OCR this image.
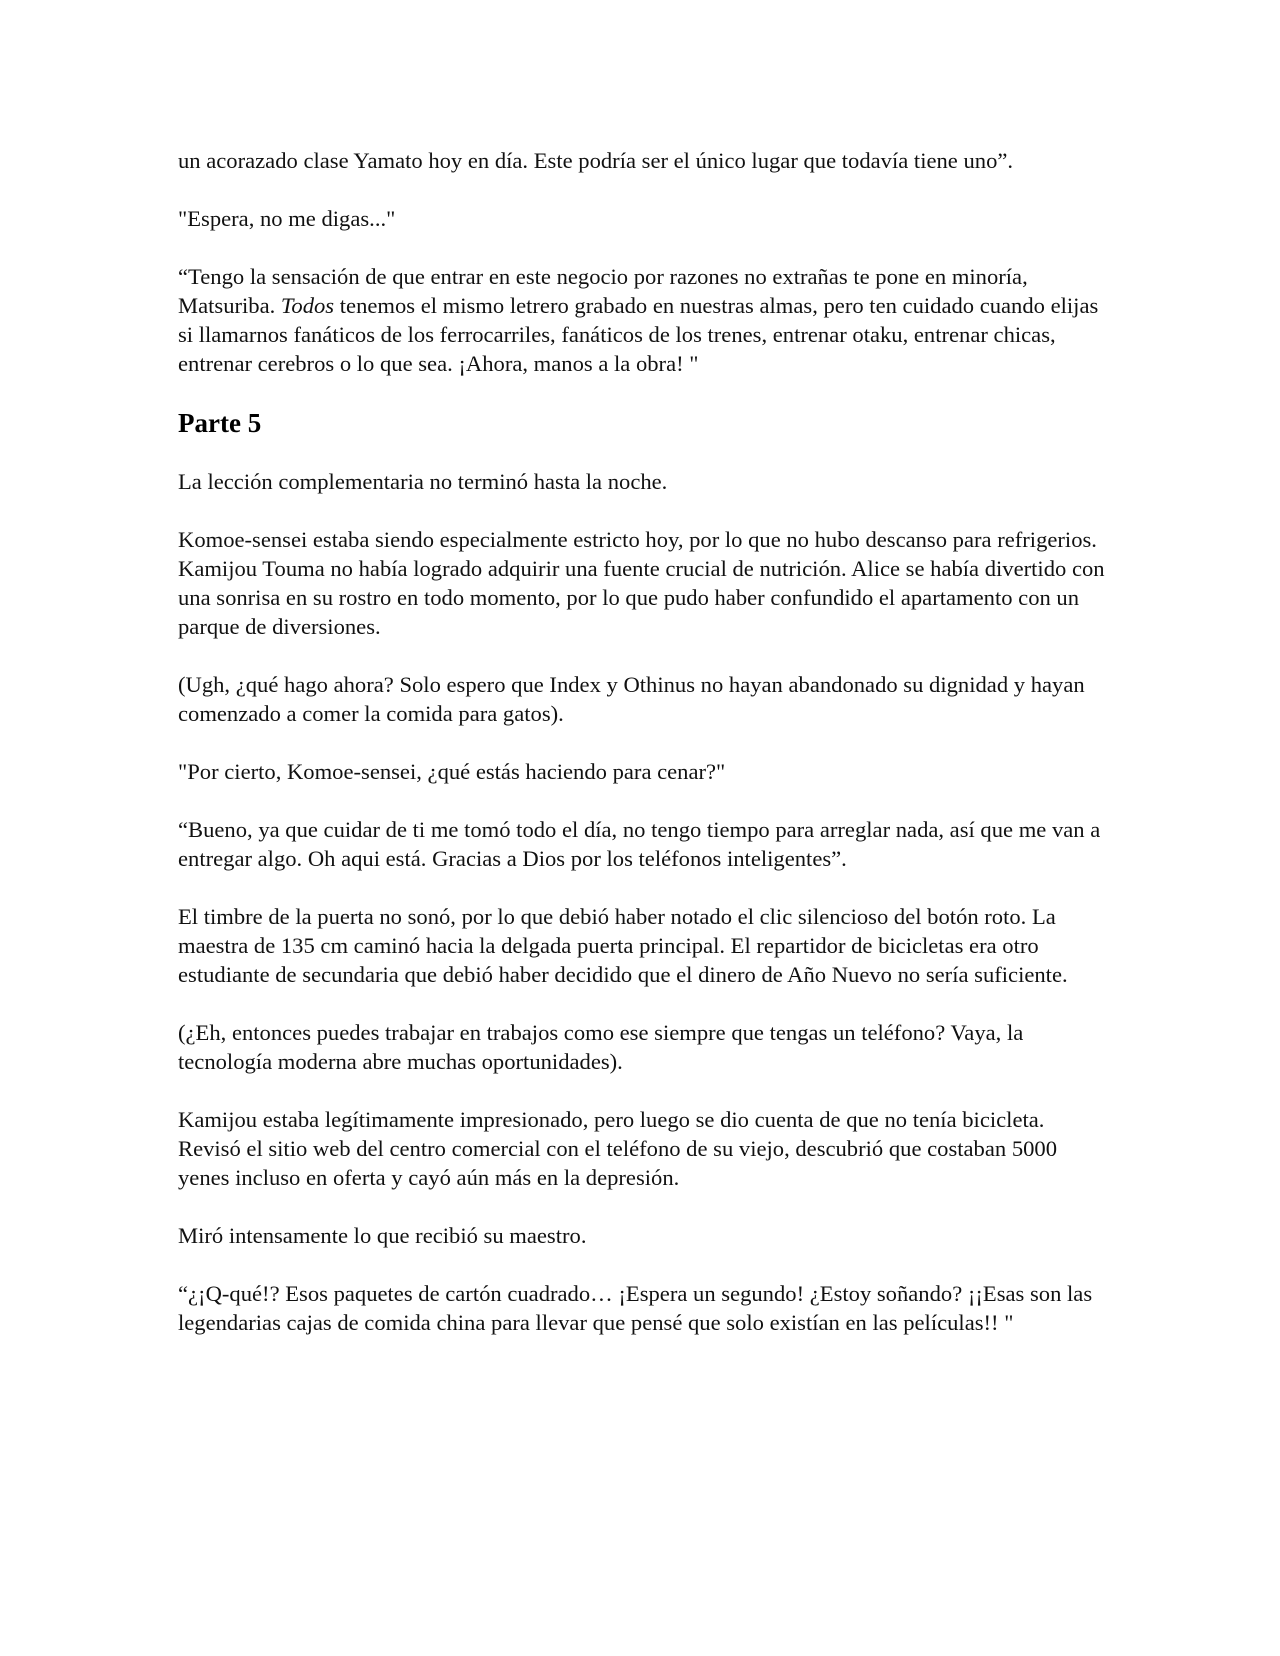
un acorazado clase Yamato hoy en día. Este podría ser el único lugar que todavía tiene uno”.

"Espera, no me digas..."

“Tengo la sensación de que entrar en este negocio por razones no extrañas te pone en minoría, Matsuriba. Todos tenemos el mismo letrero grabado en nuestras almas, pero ten cuidado cuando elijas si llamarnos fanáticos de los ferrocarriles, fanáticos de los trenes, entrenar otaku, entrenar chicas, entrenar cerebros o lo que sea. ¡Ahora, manos a la obra! "

Parte 5

La lección complementaria no terminó hasta la noche.

Komoe-sensei estaba siendo especialmente estricto hoy, por lo que no hubo descanso para refrigerios. Kamijou Touma no había logrado adquirir una fuente crucial de nutrición. Alice se había divertido con una sonrisa en su rostro en todo momento, por lo que pudo haber confundido el apartamento con un parque de diversiones.

(Ugh, ¿qué hago ahora? Solo espero que Index y Othinus no hayan abandonado su dignidad y hayan comenzado a comer la comida para gatos).

"Por cierto, Komoe-sensei, ¿qué estás haciendo para cenar?"

“Bueno, ya que cuidar de ti me tomó todo el día, no tengo tiempo para arreglar nada, así que me van a entregar algo. Oh aqui está. Gracias a Dios por los teléfonos inteligentes”.

El timbre de la puerta no sonó, por lo que debió haber notado el clic silencioso del botón roto. La maestra de 135 cm caminó hacia la delgada puerta principal. El repartidor de bicicletas era otro estudiante de secundaria que debió haber decidido que el dinero de Año Nuevo no sería suficiente.

(¿Eh, entonces puedes trabajar en trabajos como ese siempre que tengas un teléfono? Vaya, la tecnología moderna abre muchas oportunidades).

Kamijou estaba legítimamente impresionado, pero luego se dio cuenta de que no tenía bicicleta. Revisó el sitio web del centro comercial con el teléfono de su viejo, descubrió que costaban 5000 yenes incluso en oferta y cayó aún más en la depresión.

Miró intensamente lo que recibió su maestro.

“¿¡Q-qué!? Esos paquetes de cartón cuadrado… ¡Espera un segundo! ¿Estoy soñando? ¡¡Esas son las legendarias cajas de comida china para llevar que pensé que solo existían en las películas!! "
